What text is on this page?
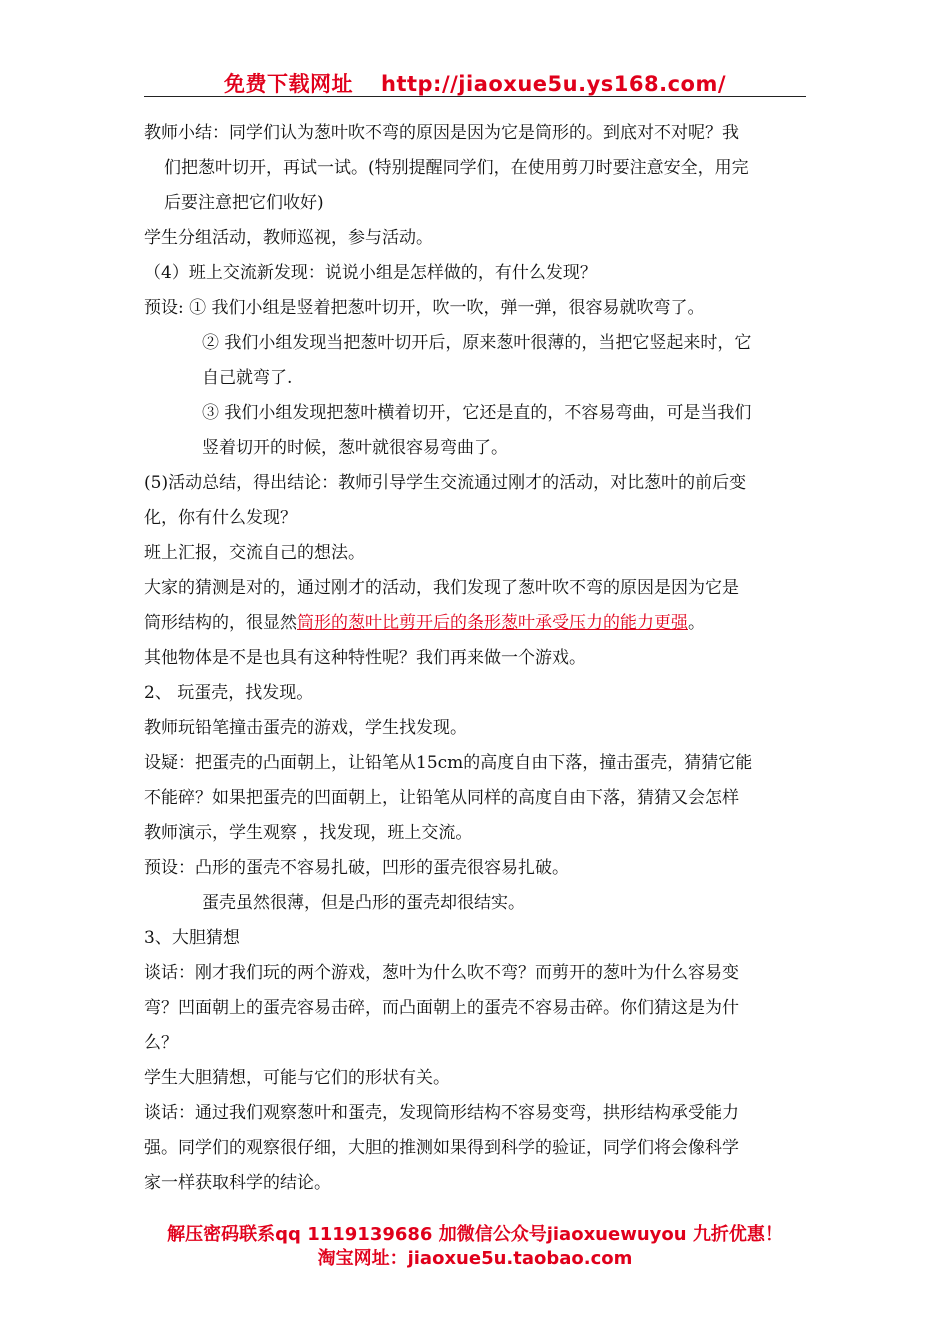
免费下载网址 http://jiaoxue5u.ys168.com/

教师小结：同学们认为葱叶吹不弯的原因是因为它是筒形的。到底对不对呢？我

们把葱叶切开，再试一试。(特别提醒同学们，在使用剪刀时要注意安全，用完

后要注意把它们收好)

学生分组活动，教师巡视，参与活动。

（4）班上交流新发现：说说小组是怎样做的，有什么发现？

预设: ① 我们小组是竖着把葱叶切开，吹一吹，弹一弹，很容易就吹弯了。

② 我们小组发现当把葱叶切开后，原来葱叶很薄的，当把它竖起来时，它

自己就弯了.

③ 我们小组发现把葱叶横着切开，它还是直的，不容易弯曲，可是当我们

竖着切开的时候，葱叶就很容易弯曲了。

(5)活动总结，得出结论：教师引导学生交流通过刚才的活动，对比葱叶的前后变

化，你有什么发现？

班上汇报，交流自己的想法。

大家的猜测是对的，通过刚才的活动，我们发现了葱叶吹不弯的原因是因为它是

筒形结构的，很显然筒形的葱叶比剪开后的条形葱叶承受压力的能力更强。

其他物体是不是也具有这种特性呢？我们再来做一个游戏。

2、 玩蛋壳，找发现。

教师玩铅笔撞击蛋壳的游戏，学生找发现。

设疑：把蛋壳的凸面朝上，让铅笔从15cm的高度自由下落，撞击蛋壳，猜猜它能

不能碎？如果把蛋壳的凹面朝上，让铅笔从同样的高度自由下落，猜猜又会怎样

教师演示，学生观察 ，找发现，班上交流。

预设：凸形的蛋壳不容易扎破，凹形的蛋壳很容易扎破。

蛋壳虽然很薄，但是凸形的蛋壳却很结实。

3、大胆猜想

谈话：刚才我们玩的两个游戏，葱叶为什么吹不弯？而剪开的葱叶为什么容易变

弯？凹面朝上的蛋壳容易击碎，而凸面朝上的蛋壳不容易击碎。你们猜这是为什

么？

学生大胆猜想，可能与它们的形状有关。

谈话：通过我们观察葱叶和蛋壳，发现筒形结构不容易变弯，拱形结构承受能力

强。同学们的观察很仔细，大胆的推测如果得到科学的验证，同学们将会像科学

家一样获取科学的结论。

解压密码联系qq 1119139686 加微信公众号jiaoxuewuyou 九折优惠！
淘宝网址：jiaoxue5u.taobao.com
